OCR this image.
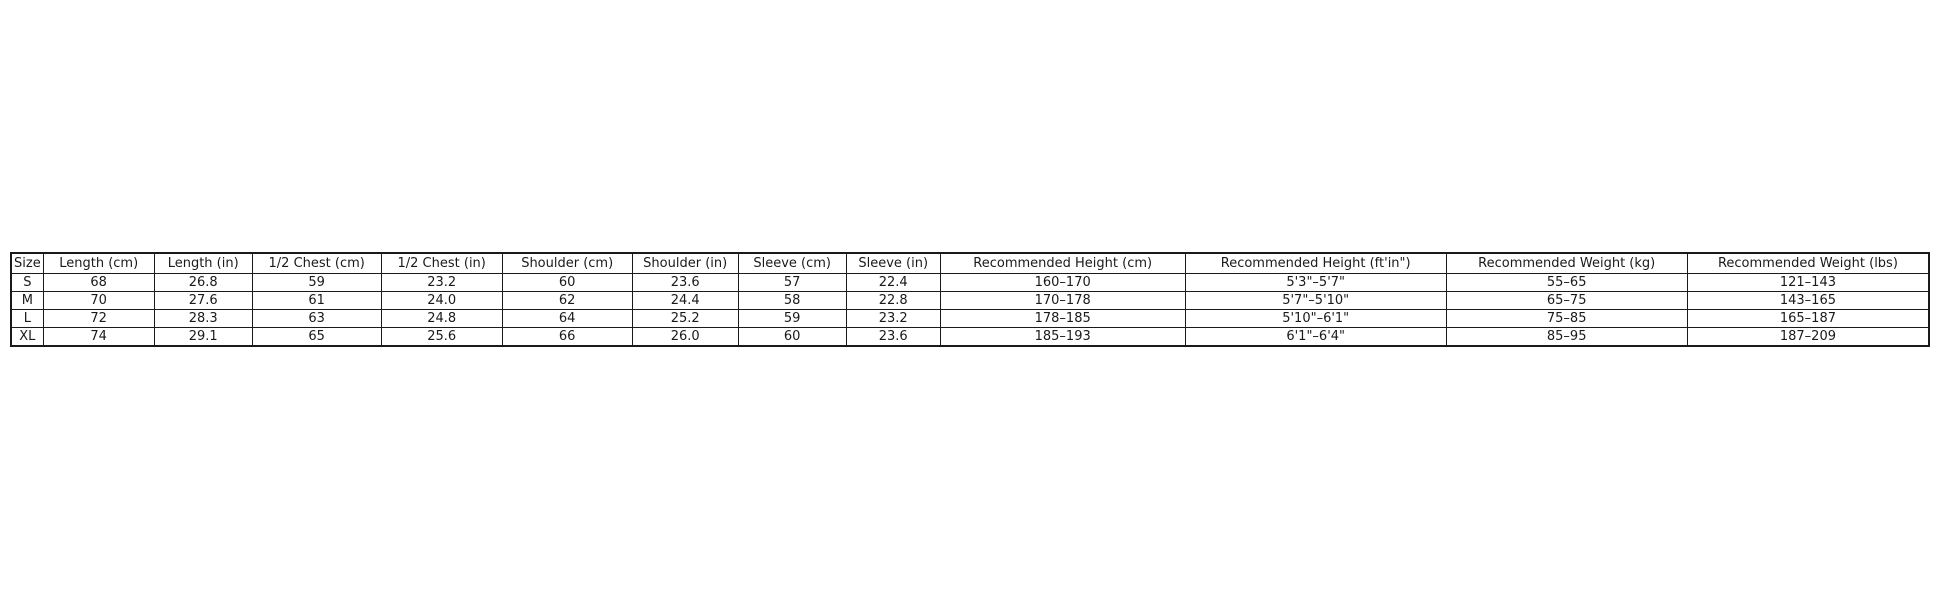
Size	Length (cm)	Length (in)	1/2 Chest (cm)	1/2 Chest (in)	Shoulder (cm)	Shoulder (in)	Sleeve (cm)	Sleeve (in)	Recommended Height (cm)	Recommended Height (ft'in")	Recommended Weight (kg)	Recommended Weight (lbs)
S	68	26.8	59	23.2	60	23.6	57	22.4	160–170	5'3"–5'7"	55–65	121–143
M	70	27.6	61	24.0	62	24.4	58	22.8	170–178	5'7"–5'10"	65–75	143–165
L	72	28.3	63	24.8	64	25.2	59	23.2	178–185	5'10"–6'1"	75–85	165–187
XL	74	29.1	65	25.6	66	26.0	60	23.6	185–193	6'1"–6'4"	85–95	187–209
